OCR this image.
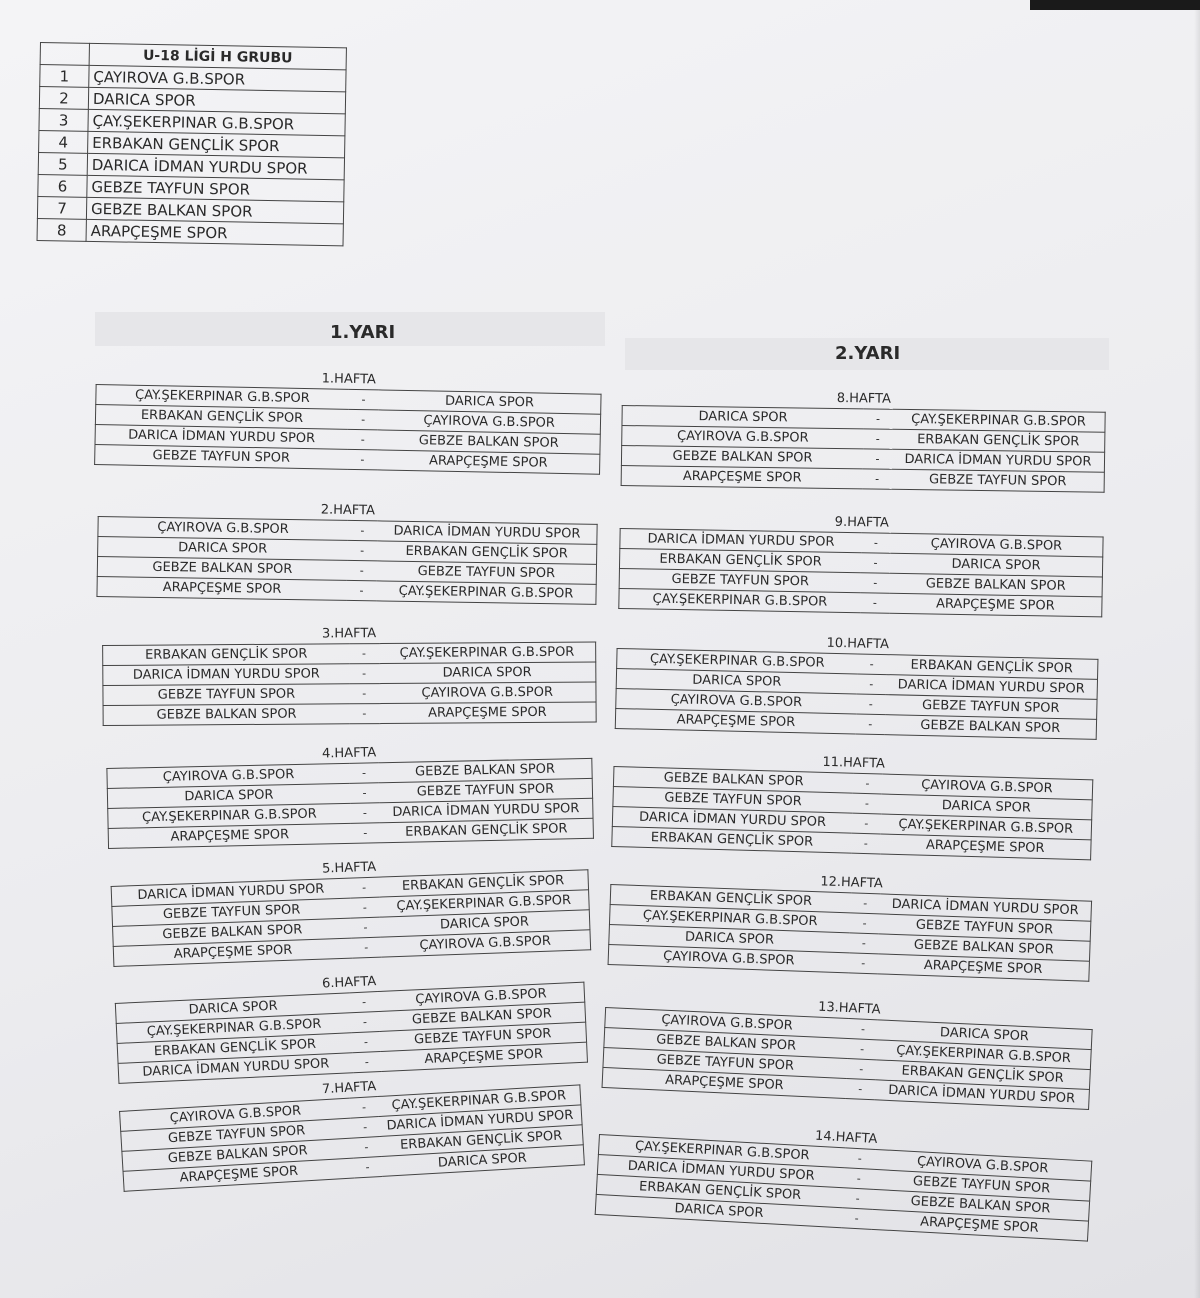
	U-18 LİGİ H GRUBU
1	ÇAYIROVA G.B.SPOR
2	DARICA SPOR
3	ÇAY.ŞEKERPINAR G.B.SPOR
4	ERBAKAN GENÇLİK SPOR
5	DARICA İDMAN YURDU SPOR
6	GEBZE TAYFUN SPOR
7	GEBZE BALKAN SPOR
8	ARAPÇEŞME SPOR
1.YARI
2.YARI
1.HAFTA
ÇAY.ŞEKERPINAR G.B.SPOR	-	DARICA SPOR
ERBAKAN GENÇLİK SPOR	-	ÇAYIROVA G.B.SPOR
DARICA İDMAN YURDU SPOR	-	GEBZE BALKAN SPOR
GEBZE TAYFUN SPOR	-	ARAPÇEŞME SPOR
2.HAFTA
ÇAYIROVA G.B.SPOR	-	DARICA İDMAN YURDU SPOR
DARICA SPOR	-	ERBAKAN GENÇLİK SPOR
GEBZE BALKAN SPOR	-	GEBZE TAYFUN SPOR
ARAPÇEŞME SPOR	-	ÇAY.ŞEKERPINAR G.B.SPOR
3.HAFTA
ERBAKAN GENÇLİK SPOR	-	ÇAY.ŞEKERPINAR G.B.SPOR
DARICA İDMAN YURDU SPOR	-	DARICA SPOR
GEBZE TAYFUN SPOR	-	ÇAYIROVA G.B.SPOR
GEBZE BALKAN SPOR	-	ARAPÇEŞME SPOR
4.HAFTA
ÇAYIROVA G.B.SPOR	-	GEBZE BALKAN SPOR
DARICA SPOR	-	GEBZE TAYFUN SPOR
ÇAY.ŞEKERPINAR G.B.SPOR	-	DARICA İDMAN YURDU SPOR
ARAPÇEŞME SPOR	-	ERBAKAN GENÇLİK SPOR
5.HAFTA
DARICA İDMAN YURDU SPOR	-	ERBAKAN GENÇLİK SPOR
GEBZE TAYFUN SPOR	-	ÇAY.ŞEKERPINAR G.B.SPOR
GEBZE BALKAN SPOR	-	DARICA SPOR
ARAPÇEŞME SPOR	-	ÇAYIROVA G.B.SPOR
6.HAFTA
DARICA SPOR	-	ÇAYIROVA G.B.SPOR
ÇAY.ŞEKERPINAR G.B.SPOR	-	GEBZE BALKAN SPOR
ERBAKAN GENÇLİK SPOR	-	GEBZE TAYFUN SPOR
DARICA İDMAN YURDU SPOR	-	ARAPÇEŞME SPOR
7.HAFTA
ÇAYIROVA G.B.SPOR	-	ÇAY.ŞEKERPINAR G.B.SPOR
GEBZE TAYFUN SPOR	-	DARICA İDMAN YURDU SPOR
GEBZE BALKAN SPOR	-	ERBAKAN GENÇLİK SPOR
ARAPÇEŞME SPOR	-	DARICA SPOR
8.HAFTA
DARICA SPOR	-	ÇAY.ŞEKERPINAR G.B.SPOR
ÇAYIROVA G.B.SPOR	-	ERBAKAN GENÇLİK SPOR
GEBZE BALKAN SPOR	-	DARICA İDMAN YURDU SPOR
ARAPÇEŞME SPOR	-	GEBZE TAYFUN SPOR
9.HAFTA
DARICA İDMAN YURDU SPOR	-	ÇAYIROVA G.B.SPOR
ERBAKAN GENÇLİK SPOR	-	DARICA SPOR
GEBZE TAYFUN SPOR	-	GEBZE BALKAN SPOR
ÇAY.ŞEKERPINAR G.B.SPOR	-	ARAPÇEŞME SPOR
10.HAFTA
ÇAY.ŞEKERPINAR G.B.SPOR	-	ERBAKAN GENÇLİK SPOR
DARICA SPOR	-	DARICA İDMAN YURDU SPOR
ÇAYIROVA G.B.SPOR	-	GEBZE TAYFUN SPOR
ARAPÇEŞME SPOR	-	GEBZE BALKAN SPOR
11.HAFTA
GEBZE BALKAN SPOR	-	ÇAYIROVA G.B.SPOR
GEBZE TAYFUN SPOR	-	DARICA SPOR
DARICA İDMAN YURDU SPOR	-	ÇAY.ŞEKERPINAR G.B.SPOR
ERBAKAN GENÇLİK SPOR	-	ARAPÇEŞME SPOR
12.HAFTA
ERBAKAN GENÇLİK SPOR	-	DARICA İDMAN YURDU SPOR
ÇAY.ŞEKERPINAR G.B.SPOR	-	GEBZE TAYFUN SPOR
DARICA SPOR	-	GEBZE BALKAN SPOR
ÇAYIROVA G.B.SPOR	-	ARAPÇEŞME SPOR
13.HAFTA
ÇAYIROVA G.B.SPOR	-	DARICA SPOR
GEBZE BALKAN SPOR	-	ÇAY.ŞEKERPINAR G.B.SPOR
GEBZE TAYFUN SPOR	-	ERBAKAN GENÇLİK SPOR
ARAPÇEŞME SPOR	-	DARICA İDMAN YURDU SPOR
14.HAFTA
ÇAY.ŞEKERPINAR G.B.SPOR	-	ÇAYIROVA G.B.SPOR
DARICA İDMAN YURDU SPOR	-	GEBZE TAYFUN SPOR
ERBAKAN GENÇLİK SPOR	-	GEBZE BALKAN SPOR
DARICA SPOR	-	ARAPÇEŞME SPOR
